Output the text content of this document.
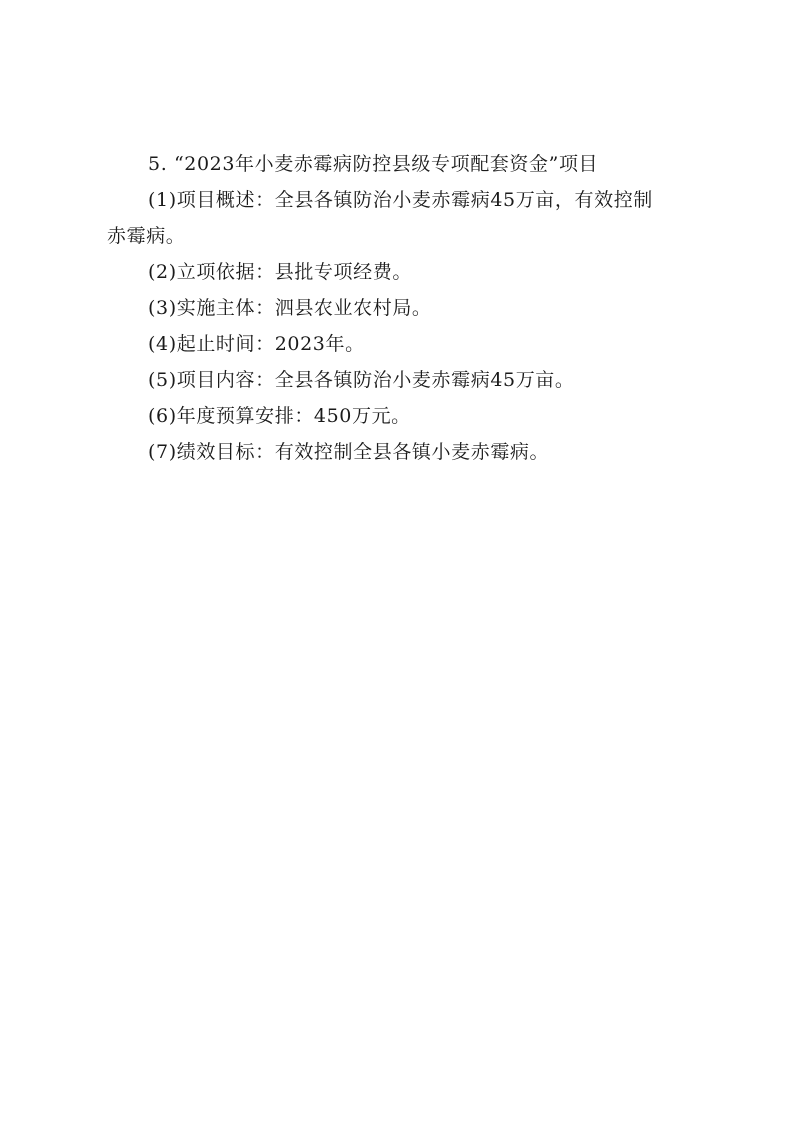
5. “2023年小麦赤霉病防控县级专项配套资金”项目
(1)项目概述：全县各镇防治小麦赤霉病45万亩，有效控制
赤霉病。
(2)立项依据：县批专项经费。
(3)实施主体：泗县农业农村局。
(4)起止时间：2023年。
(5)项目内容：全县各镇防治小麦赤霉病45万亩。
(6)年度预算安排：450万元。
(7)绩效目标：有效控制全县各镇小麦赤霉病。
